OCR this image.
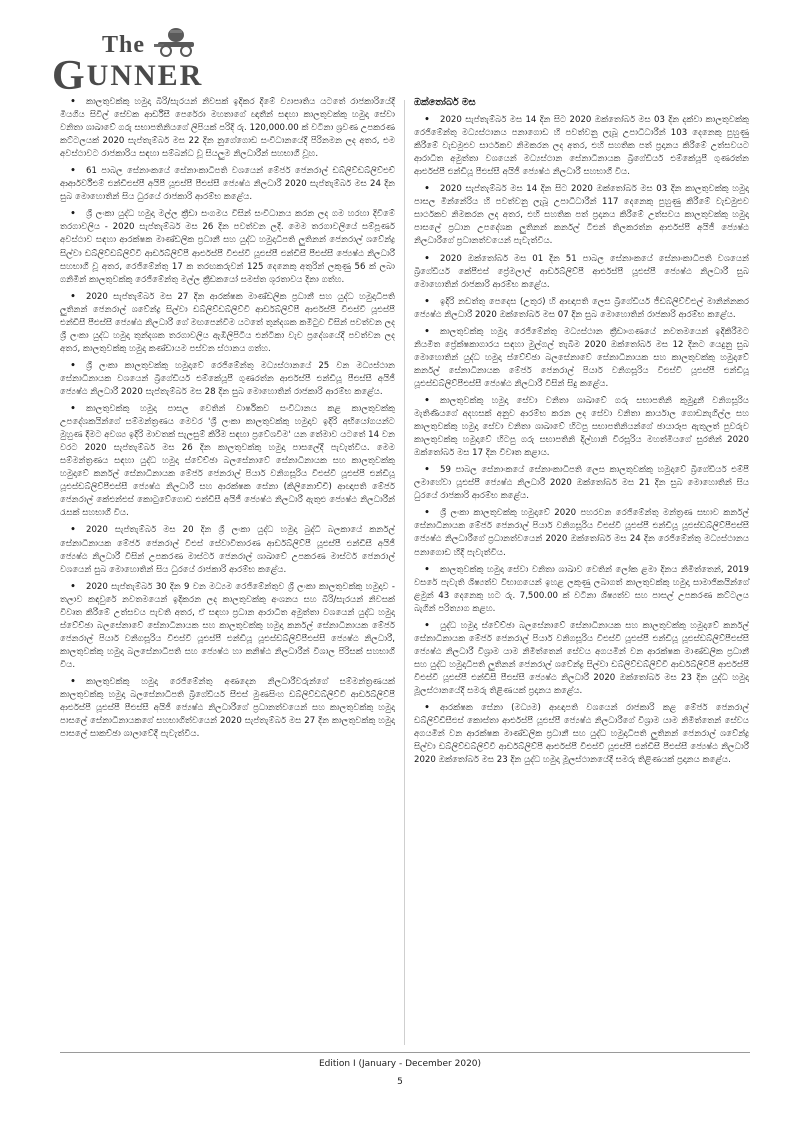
The
GUNNER

• කාලතුවක්කු හමුදා බිරි/සැරයන් නිවසක් ඉදිකර දීමේ ව්‍යාපෘතිය යටතේ රාජකාරියේදී මියගිය සිවිල් සේවක ආර්ඩීසී පෙරේරා මහතාගේ ඥාතීන් සඳහා කාලතුවක්කු හමුදා සේවා වනිතා ශාඛාවේ ගරු සභාපතිනියගේ ලිපියක් පරිදි රු. 120,000.00 ක් වටිනා ශ්‍රවණ උපකරණ කට්ටලයක් 2020 සැප්තැම්බර් මස 22 දින නුගේගොඩ සංවිධානයේදී පිරිනමන ලද අතර, එම අවස්ථාවට රාජකාරිය සඳහා සම්බන්ධ වූ සියලුම නිලධාරීන් සහභාගී වූහ.

• 61 පාබල සේනාංකයේ සේනාංකාධිපති වශයෙන් මේජර් ජෙනරාල් ඩබ්ලිව්ඩබ්ලිව්එච් ආර්ආර්වීඑම් එන්ඩීඑස්පී අයිපී යූඑස්පී පීඑස්සී ජ්‍යෙෂ්ඨ නිලධාරී 2020 සැප්තැම්බර් මස 24 දින සුබ මොහොතින් සිය ධුරයේ රාජකාරි ආරම්භ කළේය.

• ශ්‍රී ලංකා යුද්ධ හමුදා මල්ල ක්‍රීඩා සංගමය විසින් සංවිධානය කරන ලද ගම හරහා දිවීමේ තරගාවලිය - 2020 සැප්තැම්බර් මස 26 දින පවත්වන ලදී. මෙම තරගාවලියේ සම්පූර්ණ අවස්ථාව සඳහා ආරක්ෂක මාණ්ඩලික ප්‍රධානී සහ යුද්ධ හමුදාධිපති ලුතිනන් ජෙනරාල් ශවේන්ද්‍ර සිල්වා ඩබ්ලිව්ඩබ්ලිව්වී ආර්ඩබ්ලිව්පී ආර්එස්පී වීඑස්වී යූඑස්පී එන්ඩීසී පීඑස්සී ජ්‍යෙෂ්ඨ නිලධාරී සහභාගී වූ අතර, රෙජිමේන්තු 17 ක තරඟකරුවන් 125 දෙනෙකු අතුරින් ලකුණු 56 ක් ලබා ගනිමින් කාලතුවක්කු රෙජිමේන්තු මල්ල ක්‍රීඩකයෝ සමස්ත ශූරතාවය දිනා ගත්හ.

• 2020 සැප්තැම්බර් මස 27 දින ආරක්ෂක මාණ්ඩලික ප්‍රධානී සහ යුද්ධ හමුදාධිපති ලුතිනන් ජෙනරාල් ශවේන්ද්‍ර සිල්වා ඩබ්ලිව්ඩබ්ලිව්වී ආර්ඩබ්ලිව්පී ආර්එස්පී වීඑස්වී යූඑස්පී එන්ඩීසී පීඑස්සී ජ්‍යෙෂ්ඨ නිලධාරී ගේ මඟපෙන්වීම යටතේ තුන්දශක කමිටුව විසින් පවත්වන ලද ශ්‍රී ලංකා යුද්ධ හමුදා තුන්දශක තරගාවලිය ඇඹිලිපිටිය එන්ටිකා වැව ප්‍රදේශයේදී පවත්වන ලද අතර, කාලතුවක්කු හමුදා කණ්ඩායම පස්වන ස්ථානය ගත්හ.

• ශ්‍රී ලංකා කාලතුවක්කු හමුදාවේ රෙජිමේන්තු මධ්‍යස්ථානයේ 25 වන මධ්‍යස්ථාන සේනාධිනායක වශයෙන් බ්‍රිගේඩියර් එම්කේයූපී ගුණරත්න ආර්එස්පී එන්ඩීයූ පීඑස්සී අයිජී ජ්‍යෙෂ්ඨ නිලධාරී 2020 සැප්තැම්බර් මස 28 දින සුබ මොහොතින් රාජකාරි ආරම්භ කළේය.

• කාලතුවක්කු හමුදා පාසල වෙතින් වාර්ෂිකව සංවිධානය කළ කාලතුවක්කු උපදේශකයින්ගේ සම්මන්ත්‍රණය මෙවර 'ශ්‍රී ලංකා කාලතුවක්කු හමුදාව ඉදිරි අභියෝගයන්ට මුහුණ දීමට අවශ්‍ය ඉදිරි මාවතක් සැලසුම් කිරීම සඳහා ප්‍රවේශවීම' යන තේමාව යටතේ 14 වන වරට 2020 සැප්තැම්බර් මස 26 දින කාලතුවක්කු හමුදා පාසලේදී පැවැත්විය. මෙම සම්මන්ත්‍රණය සඳහා යුද්ධ හමුදා ස්වේච්ඡා බලසේනාවේ සේනාධිනායක සහ කාලතුවක්කු හමුදාවේ කර්නල් සේනාධිනායක මේජර් ජෙනරාල් පියාර් වනිගසූරිය වීඑස්වී යූඑස්පී එන්ඩීයූ යූඑස්ඩබ්ලිව්පීඑස්සී ජ්‍යෙෂ්ඨ නිලධාරී සහ ආරක්ෂක සේනා (කිලිනොච්චි) ආඥාපති මේජර් ජෙනරාල් කේඑන්එස් කොටුවේගොඩ එන්ඩීසී අයිජී ජ්‍යෙෂ්ඨ නිලධාරී ඇතුළු ජ්‍යෙෂ්ඨ නිලධාරීන් රැසක් සහභාගී විය.

• 2020 සැප්තැම්බර් මස 20 දින ශ්‍රී ලංකා යුද්ධ හමුදා බුද්ධි බලකායේ කර්නල් සේනාධිනායක මේජර් ජෙනරාල් වීඑස් සේවාවිතාරණ ආර්ඩබ්ලිව්පී යූඑස්පී එන්ඩීසී අයිජී ජ්‍යෙෂ්ඨ නිලධාරී විසින් උපකරණ මාස්ටර් ජෙනරාල් ශාඛාවේ උපකරණ මාස්ටර් ජෙනරාල් වශයෙන් සුබ මොහොතින් සිය ධුරයේ රාජකාරි ආරම්භ කළේය.

• 2020 සැප්තැම්බර් 30 දින 9 වන මධ්‍යම රෙජිමේන්තුව ශ්‍රී ලංකා කාලතුවක්කු හමුදාව - තලාව කඳවුරේ නවතමයෙන් ඉදිකරන ලද කාලතුවක්කු අංශනය සහ බිරි/සැරයන් නිවසක් විවෘත කිරීමේ උත්සවය පැවති අතර, ඒ සඳහා ප්‍රධාන ආරාධිත අමුත්තා වශයෙන් යුද්ධ හමුදා ස්වේච්ඡා බලසේනාවේ සේනාධිනායක සහ කාලතුවක්කු හමුදා කර්නල් සේනාධිනායක මේජර් ජෙනරාල් පියාර් වනිගසූරිය වීඑස්වී යූඑස්පී එන්ඩීයූ යූඑස්ඩබ්ලිව්පීඑස්සී ජ්‍යෙෂ්ඨ නිලධාරී, කාලතුවක්කු හමුදා බලසේනාධිපති සහ ජ්‍යෙෂ්ඨ හා කනිෂ්ඨ නිලධාරීන් විශාල පිරිසක් සහභාගී විය.

• කාලතුවක්කු හමුදා රෙජිමේන්තු අණදෙන නිලධාරීවරුන්ගේ සම්මන්ත්‍රණයක් කාලතුවක්කු හමුදා බලසේනාධිපති බ්‍රිගේඩියර් සීඑස් මුණසිංහ ඩබ්ලිව්ඩබ්ලිව්වී ආර්ඩබ්ලිව්පී ආර්එස්පී යූඑස්පී පීඑස්සී අයිජී ජ්‍යෙෂ්ඨ නිලධාරීගේ ප්‍රධානත්වයෙන් සහ කාලතුවක්කු හමුදා පාසලේ සේනාධිනායකගේ සහභාගිත්වයෙන් 2020 සැප්තැම්බර් මස 27 දින කාලතුවක්කු හමුදා පාසලේ සාකච්ඡා ශාලාවේදී පැවැත්විය.

ඔක්තෝබර් මස

• 2020 සැප්තැම්බර් මස 14 දින සිට 2020 ඔක්තෝබර් මස 03 දින දක්වා කාලතුවක්කු රෙජිමේන්තු මධ්‍යස්ථානය පනාගොඩ හි පවත්වනු ලැබූ උපාධිධාරීන් 103 දෙනෙකු පුහුණු කිරීමේ වැඩමුළුව සාර්ථකව නිමකරන ලද අතර, එහි සහතික පත් ප්‍රදානය කිරීමේ උත්සවයට ආරාධිත අමුත්තා වශයෙන් මධ්‍යස්ථාන සේනාධිනායක බ්‍රිගේඩියර් එම්කේයූපී ගුණරත්න ආර්එස්පී එන්ඩීයූ පීඑස්සී අයිජී ජ්‍යෙෂ්ඨ නිලධාරී සහභාගී විය.

• 2020 සැප්තැම්බර් මස 14 දින සිට 2020 ඔක්තෝබර් මස 03 දින කාලතුවක්කු හමුදා පාසල මින්නේරිය හි පවත්වනු ලැබූ උපාධිධාරීන් 117 දෙනෙකු පුහුණු කිරීමේ වැඩමුළුව සාර්ථකව නිමකරන ලද අතර, එහි සහතික පත් ප්‍රදානය කිරීමේ උත්සවය කාලතුවක්කු හමුදා පාසලේ ප්‍රධාන උපදේශක ලුතිනන් කර්නල් ටීඑන් තිලකරත්න ආර්එස්පී අයිජී ජ්‍යෙෂ්ඨ නිලධාරීගේ ප්‍රධානත්වයෙන් පැවැත්විය.

• 2020 ඔක්තෝබර් මස 01 දින 51 පාබල සේනාංකයේ සේනාංකාධිපති වශයෙන් බ්‍රිගේඩියර් කේපීඑස් ප්‍රේමලාල් ආර්ඩබ්ලිව්පී ආර්එස්පී යූඑස්පී ජ්‍යෙෂ්ඨ නිලධාරී සුබ මොහොතින් රාජකාරි ආරම්භ කළේය.

• ඉදිරි නඩත්තු පෙදෙස (උතුර) හි ආඥාපති ලෙස බ්‍රිගේඩියර් ජීඩබ්ලිව්වීඑල් මානින්නකර ජ්‍යෙෂ්ඨ නිලධාරී 2020 ඔක්තෝබර් මස 07 දින සුබ මොහොතින් රාජකාරි ආරම්භ කළේය.

• කාලතුවක්කු හමුදා රෙජිමේන්තු මධ්‍යස්ථාන ක්‍රීඩාංගණයේ නවතමයෙන් ඉදිකිරීමට නියමිත ප්‍රේක්ෂකාගාරය සඳහා මුල්ගල් තැබීම 2020 ඔක්තෝබර් මස 12 දිනට යෙදුනු සුබ මොහොතින් යුද්ධ හමුදා ස්වේච්ඡා බලසේනාවේ සේනාධිනායක සහ කාලතුවක්කු හමුදාවේ කර්නල් සේනාධිනායක මේජර් ජෙනරාල් පියාර් වනිගසූරිය වීඑස්වී යූඑස්පී එන්ඩීයූ යූඑස්ඩබ්ලිව්පීඑස්සී ජ්‍යෙෂ්ඨ නිලධාරී විසින් සිදු කළේය.

• කාලතුවක්කු හමුදා සේවා වනිතා ශාඛාවේ ගරු සභාපතිනි කුමුදුනී වනිගසූරිය මැතිණියගේ අදහසක් අනුව ආරම්භ කරන ලද සේවා වනිතා කාර්යාල ගොඩනැගිල්ල සහ කාලතුවක්කු හමුදා සේවා වනිතා ශාඛාවේ හිටපු සභාපතිනියන්ගේ ඡායාරූප ඇතුලත් පුවරුව කාලතුවක්කු හමුදාවේ හිටපු ගරු සභාපතිනි දිල්හානි වීරසූරිය මහත්මියගේ සුරතින් 2020 ඔක්තෝබර් මස 17 දින විවෘත කළාය.

• 59 පාබල සේනාංකයේ සේනාංකාධිපති ලෙස කාලතුවක්කු හමුදාවේ බ්‍රිගේඩියර් එම්පී ලමාහේවා යූඑස්පී ජ්‍යෙෂ්ඨ නිලධාරී 2020 ඔක්තෝබර් මස 21 දින සුබ මොහොතින් සිය ධුරයේ රාජකාරි ආරම්භ කළේය.

• ශ්‍රී ලංකා කාලතුවක්කු හමුදාවේ 2020 පහරවන රෙජිමේන්තු මන්ත්‍රණ සභාව කර්නල් සේනාධිනායක මේජර් ජෙනරාල් පියාර් වනිගසූරිය වීඑස්වී යූඑස්පී එන්ඩීයූ යූඑස්ඩබ්ලිව්පීඑස්සී ජ්‍යෙෂ්ඨ නිලධාරීගේ ප්‍රධානත්වයෙන් 2020 ඔක්තෝබර් මස 24 දින රෙජිමේන්තු මධ්‍යස්ථානය පනාගොඩ හිදී පැවැත්විය.

• කාලතුවක්කු හමුදා සේවා වනිතා ශාඛාව වෙතින් ලෝක ළමා දිනය නිමිත්තෙන්, 2019 වසරේ පැවැති ශිෂ්‍යත්ව විභාගයෙන් ඉහළ ලකුණු ලබාගත් කාලතුවක්කු හමුදා සාමාජිකයින්ගේ ළමුන් 43 දෙනෙකු හට රු. 7,500.00 ක් වටිනා ශිෂ්‍යත්ව සහ පාසල් උපකරණ කට්ටලය බැගින් පරිත්‍යාග කළහ.

• යුද්ධ හමුදා ස්වේච්ඡා බලසේනාවේ සේනාධිනායක සහ කාලතුවක්කු හමුදාවේ කර්නල් සේනාධිනායක මේජර් ජෙනරාල් පියාර් වනිගසූරිය වීඑස්වී යූඑස්පී එන්ඩීයූ යූඑස්ඩබ්ලිව්පීඑස්සී ජ්‍යෙෂ්ඨ නිලධාරී විශ්‍රාම යාම නිමිත්තෙන් සේවය අගයමින් වන ආරක්ෂක මාණ්ඩලික ප්‍රධානී සහ යුද්ධ හමුදාධිපති ලුතිනන් ජෙනරාල් ශවේන්ද්‍ර සිල්වා ඩබ්ලිව්ඩබ්ලිව්වී ආර්ඩබ්ලිව්පී ආර්එස්පී වීඑස්වී යූඑස්පී එන්ඩීසී පීඑස්සී ජ්‍යෙෂ්ඨ නිලධාරී 2020 ඔක්තෝබර් මස 23 දින යුද්ධ හමුදා මූලස්ථානයේදී සමරු තිළිණයක් ප්‍රදානය කළේය.

• ආරක්ෂක සේනා (මධ්‍යම) ආඥාපති වශයෙන් රාජකාරි කළ මේජර් ජෙනරාල් ඩබ්ලිව්ඩීසීඑස් කොස්තා ආර්එස්පී යූඑස්පී ජ්‍යෙෂ්ඨ නිලධාරීගේ විශ්‍රාම යාම නිමිත්තෙන් සේවය අගයමින් වන ආරක්ෂක මාණ්ඩලික ප්‍රධානී සහ යුද්ධ හමුදාධිපති ලුතිනන් ජෙනරාල් ශවේන්ද්‍ර සිල්වා ඩබ්ලිව්ඩබ්ලිව්වී ආර්ඩබ්ලිව්පී ආර්එස්පී වීඑස්වී යූඑස්පී එන්ඩීසී පීඑස්සී ජ්‍යෙෂ්ඨ නිලධාරී 2020 ඔක්තෝබර් මස 23 දින යුද්ධ හමුදා මූලස්ථානයේදී සමරු තිළිණයක් ප්‍රදානය කළේය.

Edition I (January - December 2020)
5
